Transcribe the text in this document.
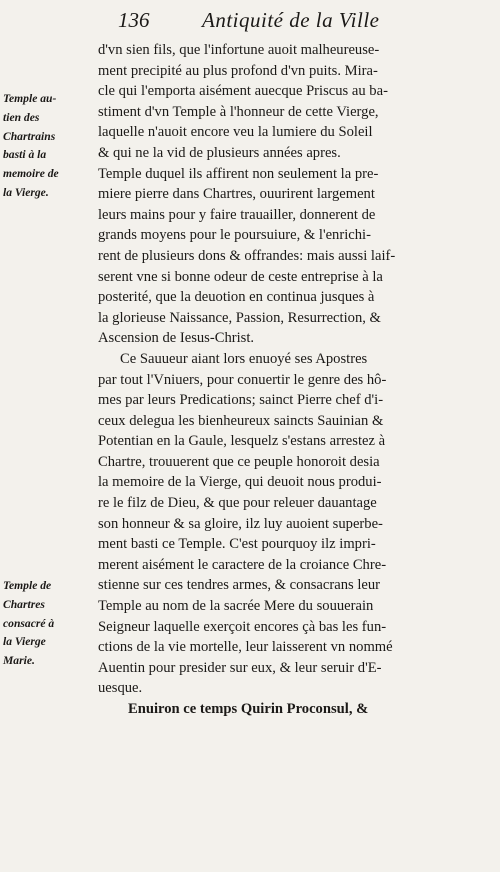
136	Antiquité de la Ville
Temple au-
tien des
Chartrains
basti à la
memoire de
la Vierge.
Temple de
Chartres
consacré à
la Vierge
Marie.
d'vn sien fils, que l'infortune auoit malheureuse-
ment precipité au plus profond d'vn puits. Mira-
cle qui l'emporta aisément auecque Priscus au ba-
stiment d'vn Temple à l'honneur de cette Vierge,
laquelle n'auoit encore veu la lumiere du Soleil
& qui ne la vid de plusieurs années apres.
Temple duquel ils affirent non seulement la pre-
miere pierre dans Chartres, ouurirent largement
leurs mains pour y faire trauailler, donnerent de
grands moyens pour le poursuiure, & l'enrichi-
rent de plusieurs dons & offrandes: mais aussi laif-
serent vne si bonne odeur de ceste entreprise à la
posterité, que la deuotion en continua jusques à
la glorieuse Naissance, Passion, Resurrection, &
Ascension de Iesus-Christ.
Ce Sauueur aiant lors enuoyé ses Apostres
par tout l'Vniuers, pour conuertir le genre des hô-
mes par leurs Predications; sainct Pierre chef d'i-
ceux delegua les bienheureux saincts Sauinian &
Potentian en la Gaule, lesquelz s'estans arrestez à
Chartre, trouuerent que ce peuple honoroit desia
la memoire de la Vierge, qui deuoit nous produi-
re le filz de Dieu, & que pour releuer dauantage
son honneur & sa gloire, ilz luy auoient superbe-
ment basti ce Temple. C'est pourquoy ilz impri-
merent aisément le caractere de la croiance Chre-
stienne sur ces tendres armes, & consacrans leur
Temple au nom de la sacrée Mere du souuerain
Seigneur laquelle exerçoit encores çà bas les fun-
ctions de la vie mortelle, leur laisserent vn nommé
Auentin pour presider sur eux, & leur seruir d'E-
uesque.
Enuiron ce temps Quirin Proconsul, &
